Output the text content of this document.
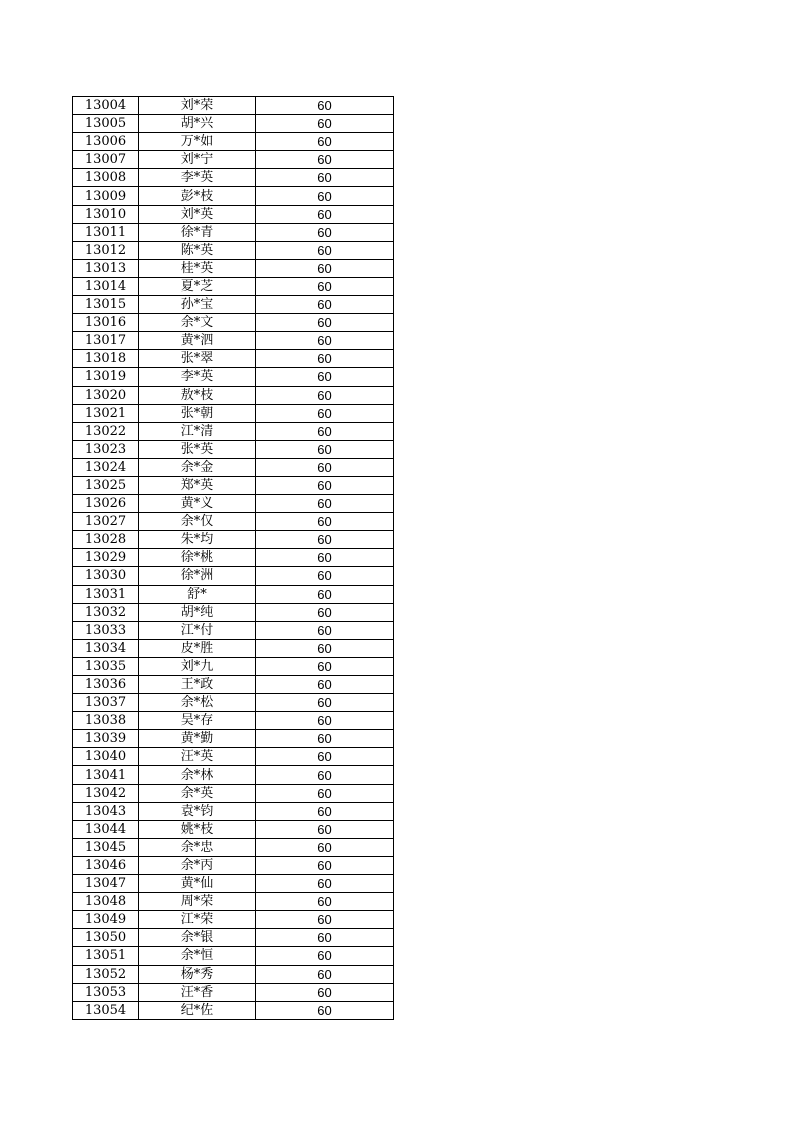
13004	刘*荣	60
13005	胡*兴	60
13006	万*如	60
13007	刘*宁	60
13008	李*英	60
13009	彭*枝	60
13010	刘*英	60
13011	徐*青	60
13012	陈*英	60
13013	桂*英	60
13014	夏*芝	60
13015	孙*宝	60
13016	余*文	60
13017	黄*泗	60
13018	张*翠	60
13019	李*英	60
13020	敖*枝	60
13021	张*朝	60
13022	江*清	60
13023	张*英	60
13024	余*金	60
13025	郑*英	60
13026	黄*义	60
13027	余*仅	60
13028	朱*均	60
13029	徐*桃	60
13030	徐*洲	60
13031	舒*	60
13032	胡*纯	60
13033	江*付	60
13034	皮*胜	60
13035	刘*九	60
13036	王*政	60
13037	余*松	60
13038	吴*存	60
13039	黄*勤	60
13040	汪*英	60
13041	余*林	60
13042	余*英	60
13043	袁*钧	60
13044	姚*枝	60
13045	余*忠	60
13046	余*丙	60
13047	黄*仙	60
13048	周*荣	60
13049	江*荣	60
13050	余*银	60
13051	余*恒	60
13052	杨*秀	60
13053	汪*香	60
13054	纪*佐	60
